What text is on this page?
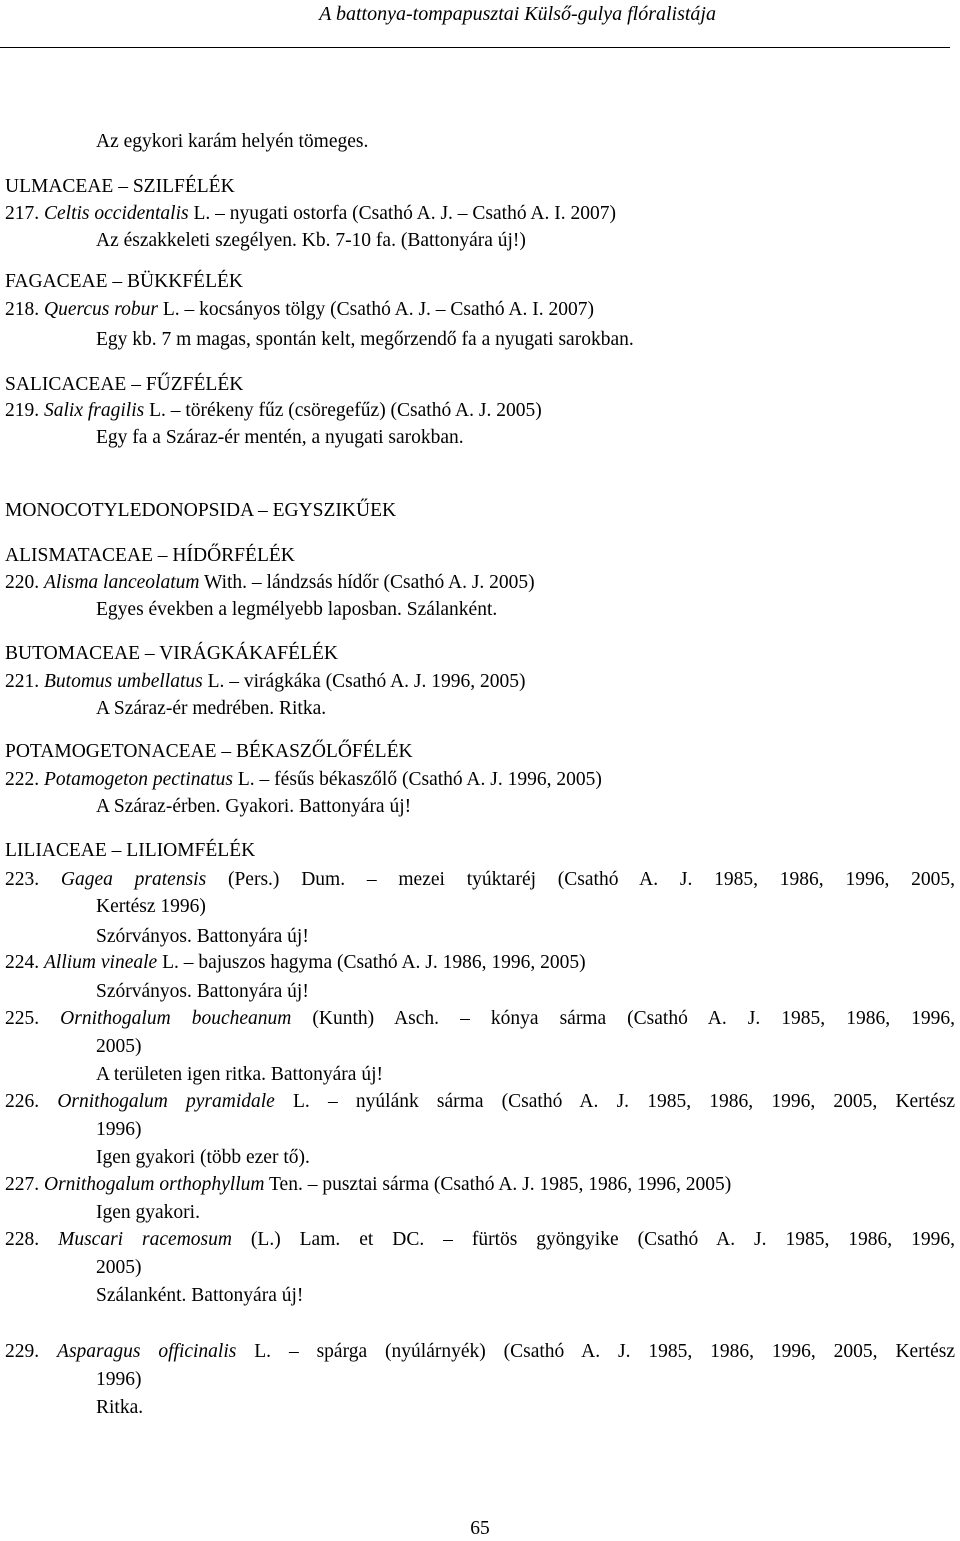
A battonya-tompapusztai Külső-gulya flóralistája
Az egykori karám helyén tömeges.
ULMACEAE – SZILFÉLÉK
217. Celtis occidentalis L. – nyugati ostorfa (Csathó A. J. – Csathó A. I. 2007)
Az északkeleti szegélyen. Kb. 7-10 fa. (Battonyára új!)
FAGACEAE – BÜKKFÉLÉK
218. Quercus robur L. – kocsányos tölgy (Csathó A. J. – Csathó A. I. 2007)
Egy kb. 7 m magas, spontán kelt, megőrzendő fa a nyugati sarokban.
SALICACEAE – FŰZFÉLÉK
219. Salix fragilis L. – törékeny fűz (csöregefűz) (Csathó A. J. 2005)
Egy fa a Száraz-ér mentén, a nyugati sarokban.
MONOCOTYLEDONOPSIDA – EGYSZIKŰEK
ALISMATACEAE – HÍDŐRFÉLÉK
220. Alisma lanceolatum With. – lándzsás hídőr (Csathó A. J. 2005)
Egyes években a legmélyebb laposban. Szálanként.
BUTOMACEAE – VIRÁGKÁKAFÉLÉK
221. Butomus umbellatus L. – virágkáka (Csathó A. J. 1996, 2005)
A Száraz-ér medrében. Ritka.
POTAMOGETONACEAE – BÉKASZŐLŐFÉLÉK
222. Potamogeton pectinatus L. – fésűs békaszőlő (Csathó A. J. 1996, 2005)
A Száraz-érben. Gyakori. Battonyára új!
LILIACEAE – LILIOMFÉLÉK
223. Gagea pratensis (Pers.) Dum. – mezei tyúktaréj (Csathó A. J. 1985, 1986, 1996, 2005,
Kertész 1996)
Szórványos. Battonyára új!
224. Allium vineale L. – bajuszos hagyma (Csathó A. J. 1986, 1996, 2005)
Szórványos. Battonyára új!
225. Ornithogalum boucheanum (Kunth) Asch. – kónya sárma (Csathó A. J. 1985, 1986, 1996,
2005)
A területen igen ritka. Battonyára új!
226. Ornithogalum pyramidale L. – nyúlánk sárma (Csathó A. J. 1985, 1986, 1996, 2005, Kertész
1996)
Igen gyakori (több ezer tő).
227. Ornithogalum orthophyllum Ten. – pusztai sárma (Csathó A. J. 1985, 1986, 1996, 2005)
Igen gyakori.
228. Muscari racemosum (L.) Lam. et DC. – fürtös gyöngyike (Csathó A. J. 1985, 1986, 1996,
2005)
Szálanként. Battonyára új!
229. Asparagus officinalis L. – spárga (nyúlárnyék) (Csathó A. J. 1985, 1986, 1996, 2005, Kertész
1996)
Ritka.
65
